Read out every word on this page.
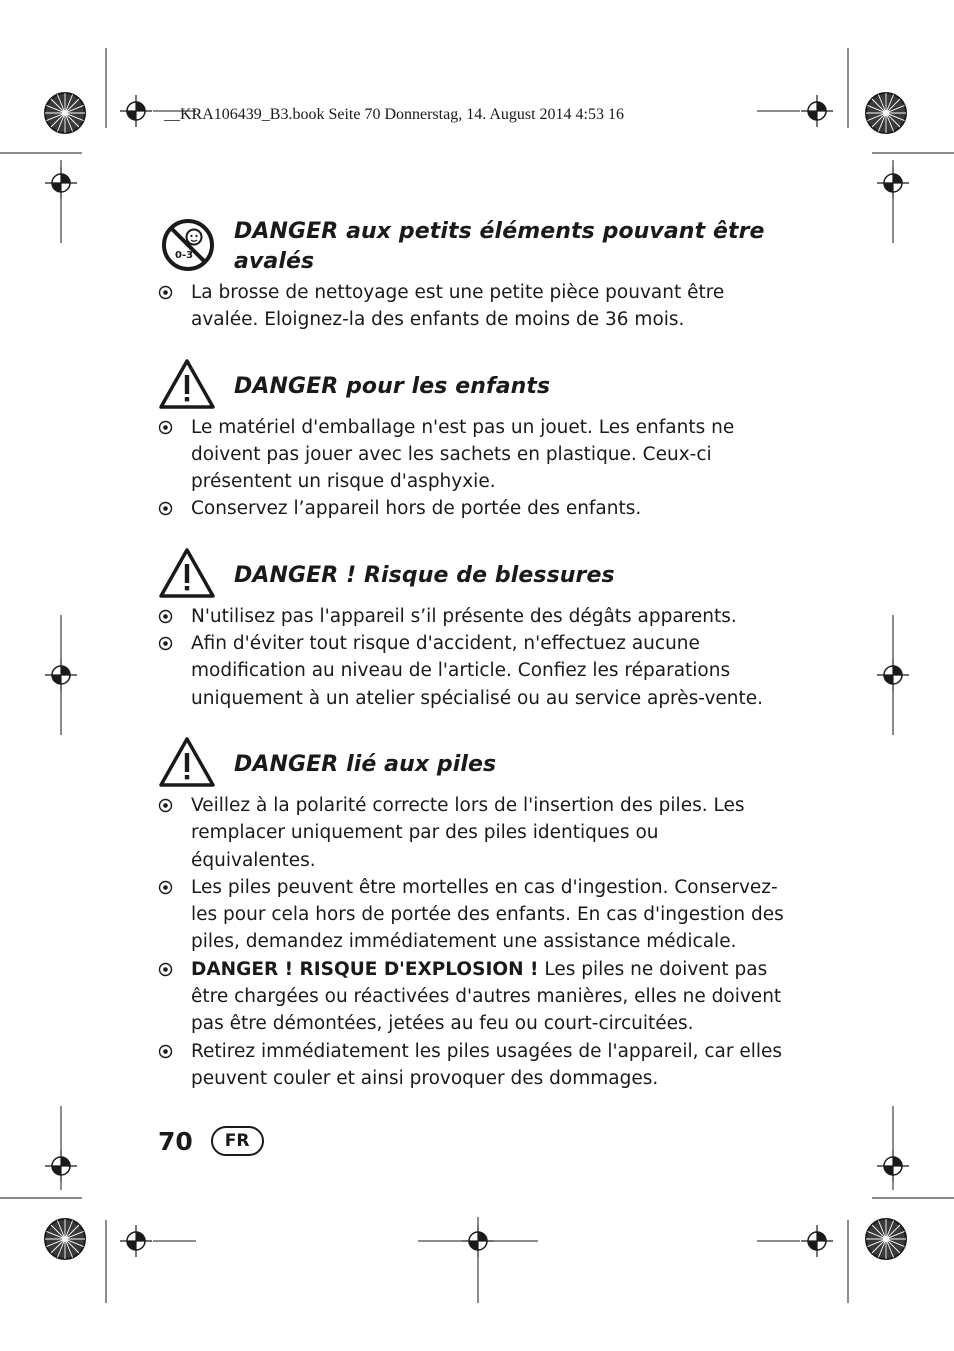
__KRA106439_B3.book Seite 70 Donnerstag, 14. August 2014 4:53 16
0-3
DANGER aux petits éléments pouvant être avalés
La brosse de nettoyage est une petite pièce pouvant être avalée. Eloignez-la des enfants de moins de 36 mois.
DANGER pour les enfants
Le matériel d'emballage n'est pas un jouet. Les enfants ne doivent pas jouer avec les sachets en plastique. Ceux-ci présentent un risque d'asphyxie.
Conservez l’appareil hors de portée des enfants.
DANGER ! Risque de blessures
N'utilisez pas l'appareil s’il présente des dégâts apparents.
Afin d'éviter tout risque d'accident, n'effectuez aucune modification au niveau de l'article. Confiez les réparations uniquement à un atelier spécialisé ou au service après-vente.
DANGER lié aux piles
Veillez à la polarité correcte lors de l'insertion des piles. Les remplacer uniquement par des piles identiques ou équivalentes.
Les piles peuvent être mortelles en cas d'ingestion. Conservez-les pour cela hors de portée des enfants. En cas d'ingestion des piles, demandez immédiatement une assistance médicale.
DANGER ! RISQUE D'EXPLOSION ! Les piles ne doivent pas être chargées ou réactivées d'autres manières, elles ne doivent pas être démontées, jetées au feu ou court-circuitées.
Retirez immédiatement les piles usagées de l'appareil, car elles peuvent couler et ainsi provoquer des dommages.
70	FR
